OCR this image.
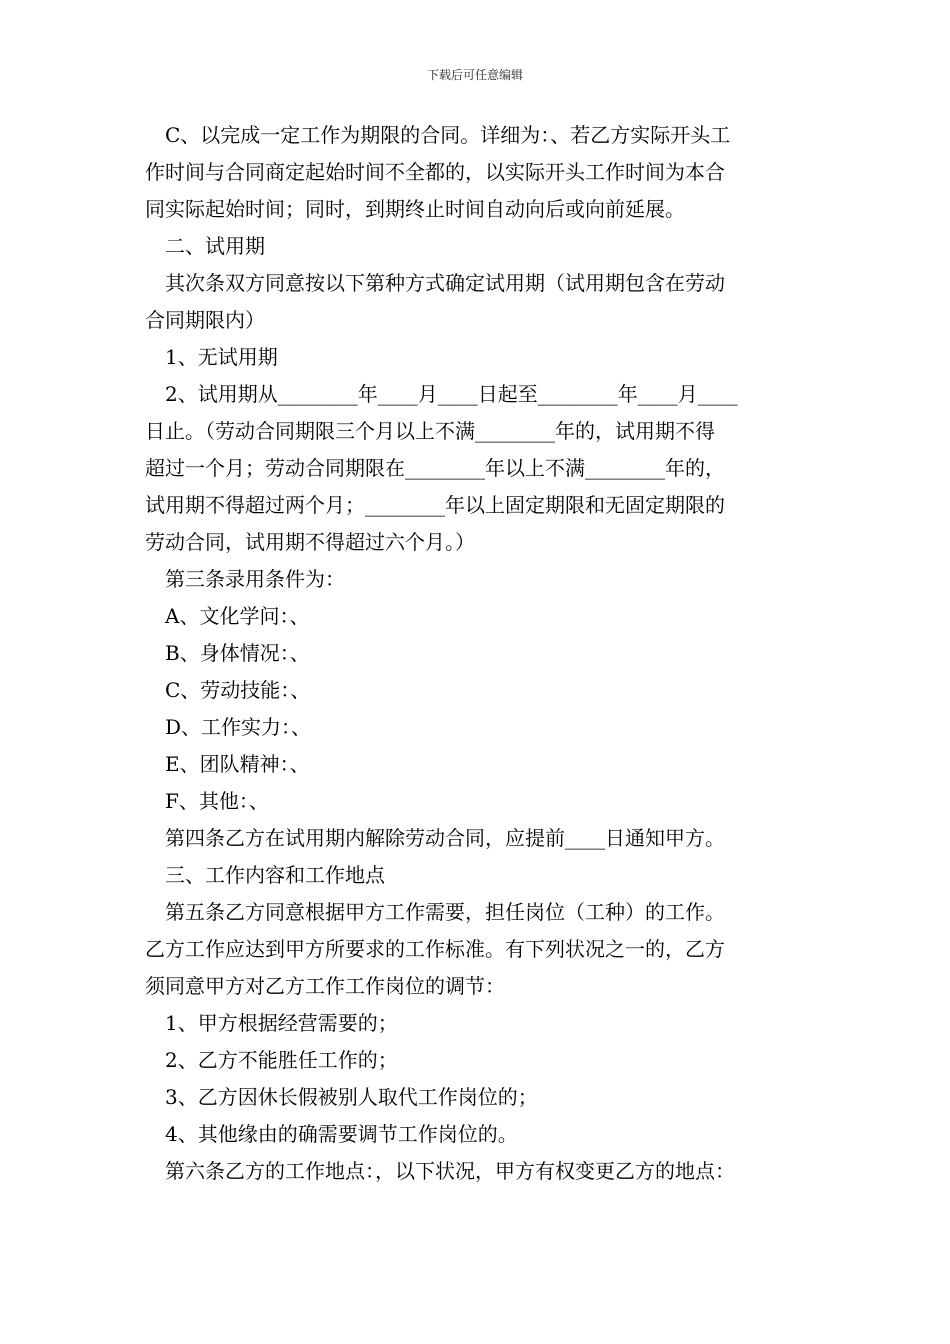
下载后可任意编辑

C、以完成一定工作为期限的合同。详细为：、若乙方实际开头工

作时间与合同商定起始时间不全都的，以实际开头工作时间为本合

同实际起始时间；同时，到期终止时间自动向后或向前延展。

二、试用期

其次条双方同意按以下第种方式确定试用期（试用期包含在劳动

合同期限内）

1、无试用期

2、试用期从________年____月____日起至________年____月____

日止。（劳动合同期限三个月以上不满________年的，试用期不得

超过一个月；劳动合同期限在________年以上不满________年的，

试用期不得超过两个月；________年以上固定期限和无固定期限的

劳动合同，试用期不得超过六个月。）

第三条录用条件为：

A、文化学问：、

B、身体情况：、

C、劳动技能：、

D、工作实力：、

E、团队精神：、

F、其他：、

第四条乙方在试用期内解除劳动合同，应提前____日通知甲方。

三、工作内容和工作地点

第五条乙方同意根据甲方工作需要，担任岗位（工种）的工作。

乙方工作应达到甲方所要求的工作标准。有下列状况之一的，乙方

须同意甲方对乙方工作工作岗位的调节：

1、甲方根据经营需要的；

2、乙方不能胜任工作的；

3、乙方因休长假被别人取代工作岗位的；

4、其他缘由的确需要调节工作岗位的。

第六条乙方的工作地点：，以下状况，甲方有权变更乙方的地点：
